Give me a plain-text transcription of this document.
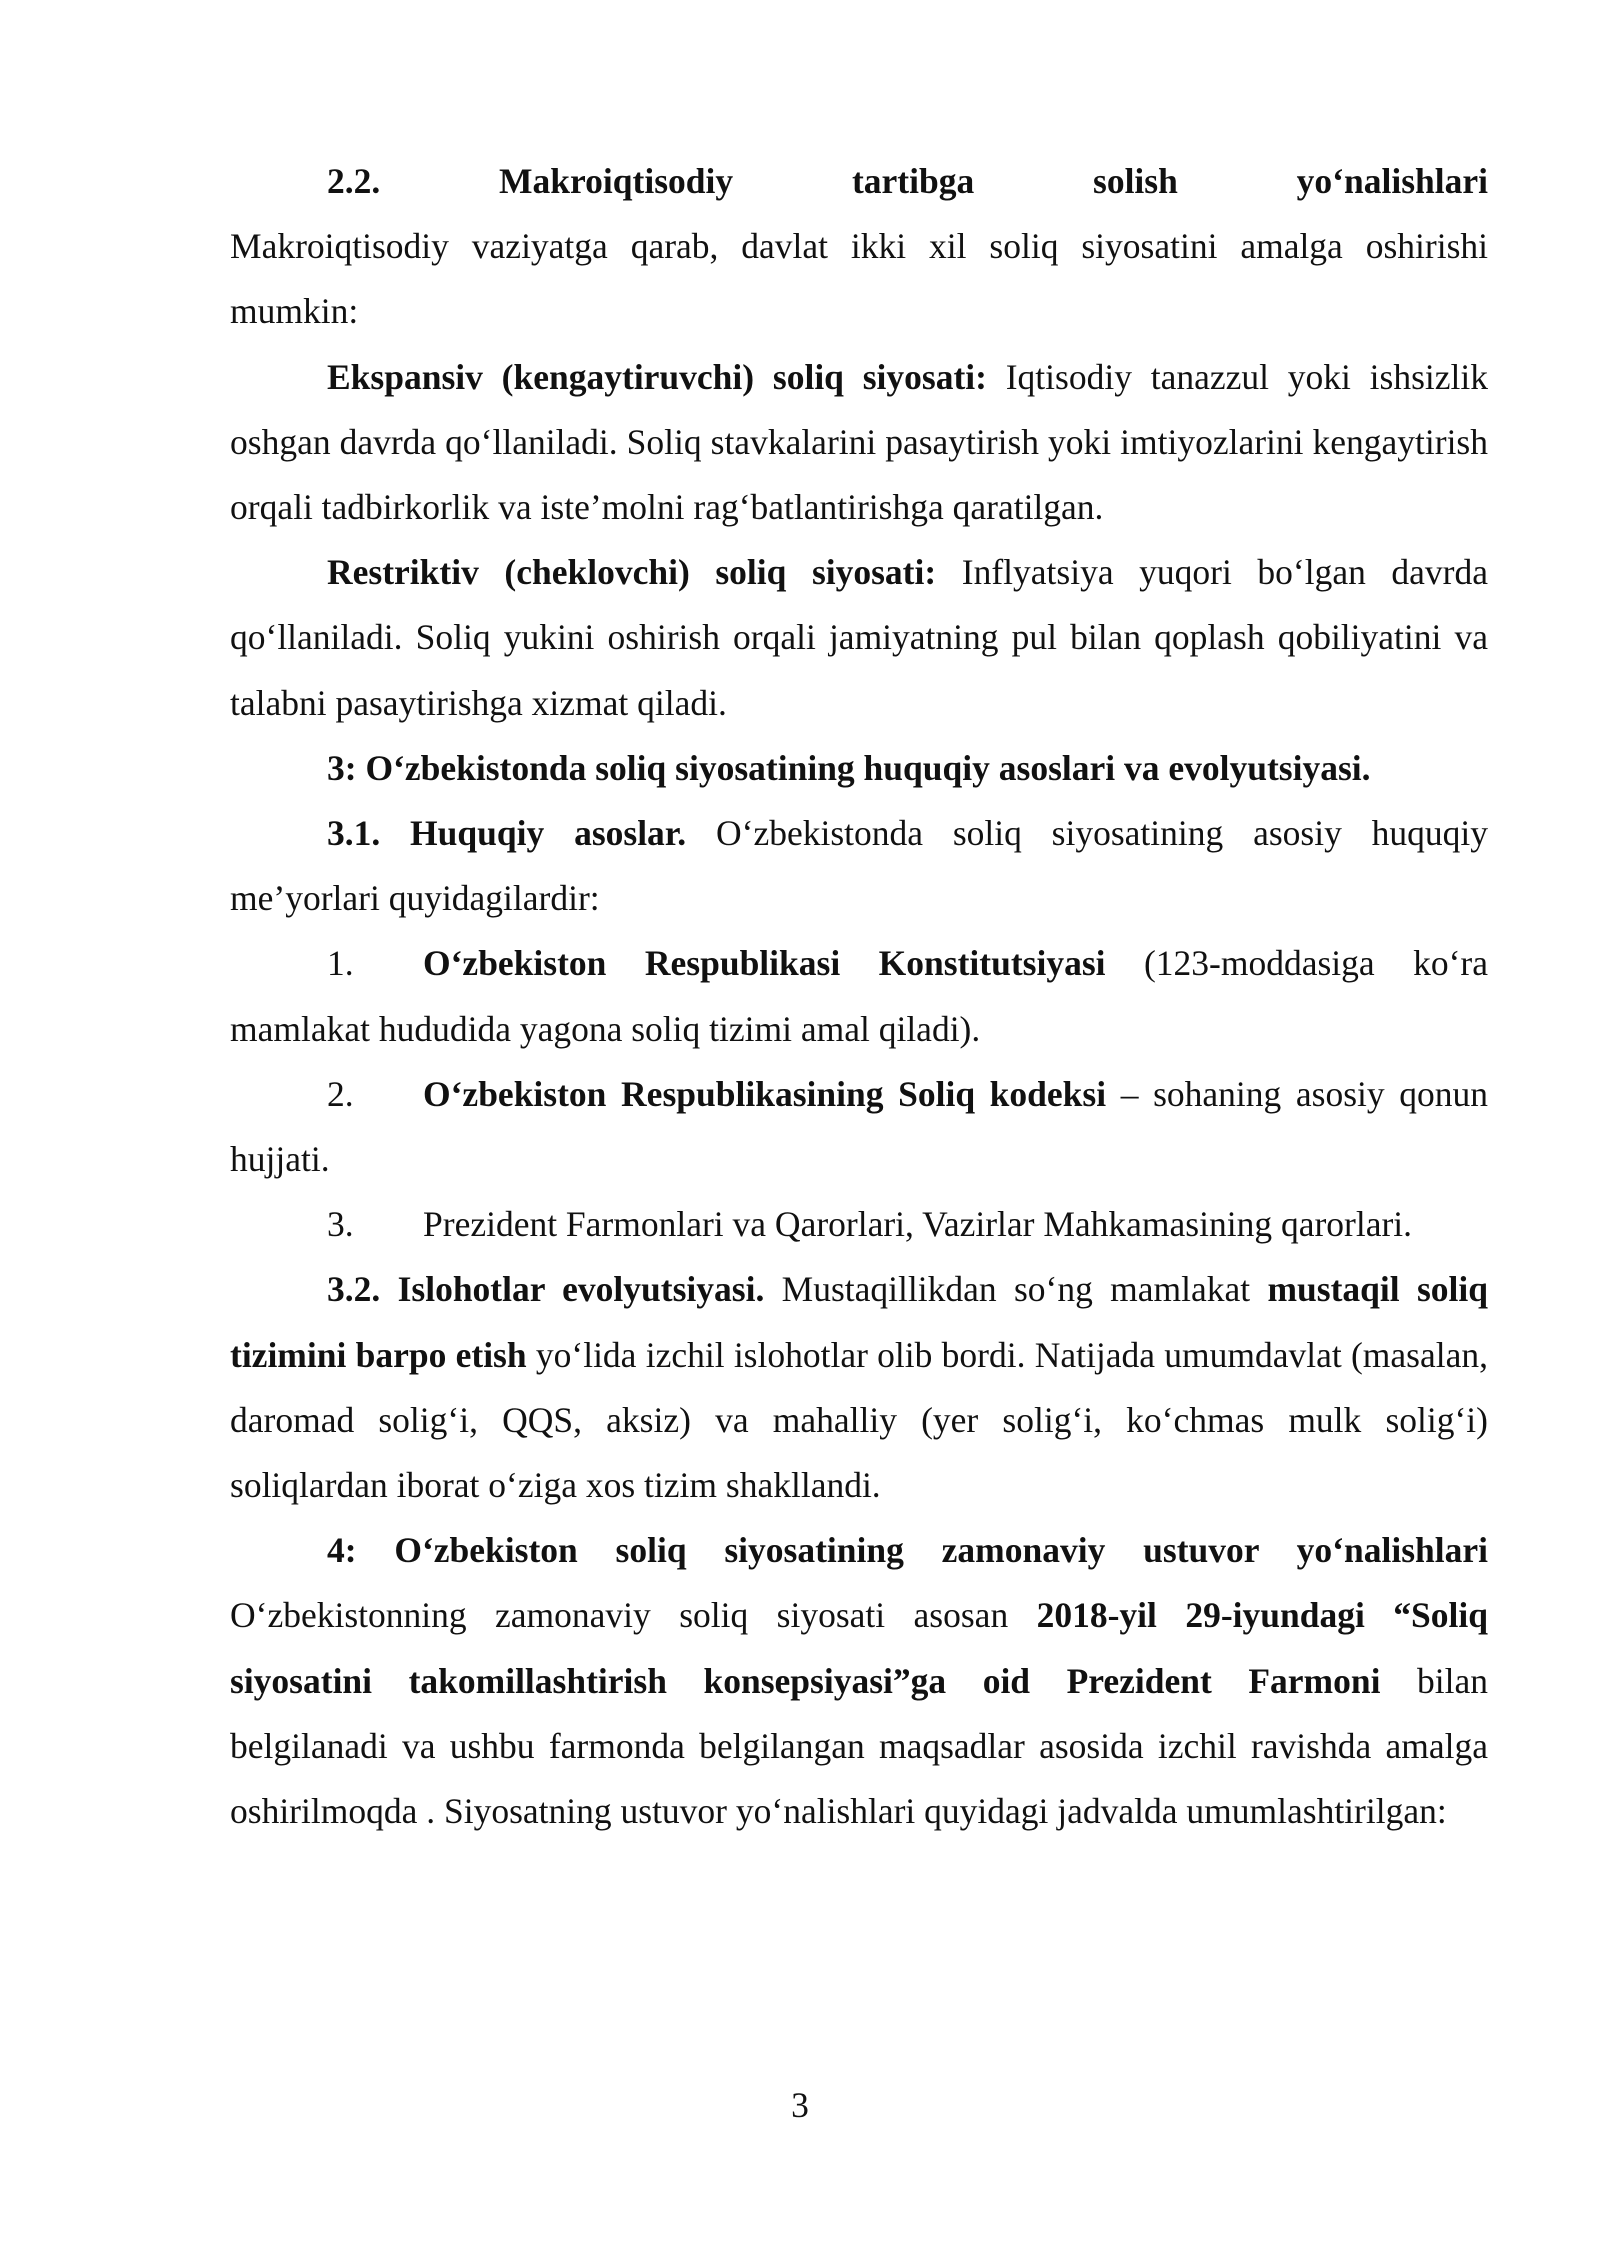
2.2. Makroiqtisodiy tartibga solish yo‘nalishlari

Makroiqtisodiy vaziyatga qarab, davlat ikki xil soliq siyosatini amalga oshirishi mumkin:

Ekspansiv (kengaytiruvchi) soliq siyosati: Iqtisodiy tanazzul yoki ishsizlik oshgan davrda qo‘llaniladi. Soliq stavkalarini pasaytirish yoki imtiyozlarini kengaytirish orqali tadbirkorlik va iste’molni rag‘batlantirishga qaratilgan.

Restriktiv (cheklovchi) soliq siyosati: Inflyatsiya yuqori bo‘lgan davrda qo‘llaniladi. Soliq yukini oshirish orqali jamiyatning pul bilan qoplash qobiliyatini va talabni pasaytirishga xizmat qiladi.

3: O‘zbekistonda soliq siyosatining huquqiy asoslari va evolyutsiyasi.

3.1. Huquqiy asoslar. O‘zbekistonda soliq siyosatining asosiy huquqiy me’yorlari quyidagilardir:

1. O‘zbekiston Respublikasi Konstitutsiyasi (123-moddasiga ko‘ra mamlakat hududida yagona soliq tizimi amal qiladi).

2. O‘zbekiston Respublikasining Soliq kodeksi – sohaning asosiy qonun hujjati.

3. Prezident Farmonlari va Qarorlari, Vazirlar Mahkamasining qarorlari.

3.2. Islohotlar evolyutsiyasi. Mustaqillikdan so‘ng mamlakat mustaqil soliq tizimini barpo etish yo‘lida izchil islohotlar olib bordi. Natijada umumdavlat (masalan, daromad solig‘i, QQS, aksiz) va mahalliy (yer solig‘i, ko‘chmas mulk solig‘i) soliqlardan iborat o‘ziga xos tizim shakllandi.

4: O‘zbekiston soliq siyosatining zamonaviy ustuvor yo‘nalishlari

O‘zbekistonning zamonaviy soliq siyosati asosan 2018-yil 29-iyundagi “Soliq siyosatini takomillashtirish konsepsiyasi”ga oid Prezident Farmoni bilan belgilanadi va ushbu farmonda belgilangan maqsadlar asosida izchil ravishda amalga oshirilmoqda . Siyosatning ustuvor yo‘nalishlari quyidagi jadvalda umumlashtirilgan:

3
